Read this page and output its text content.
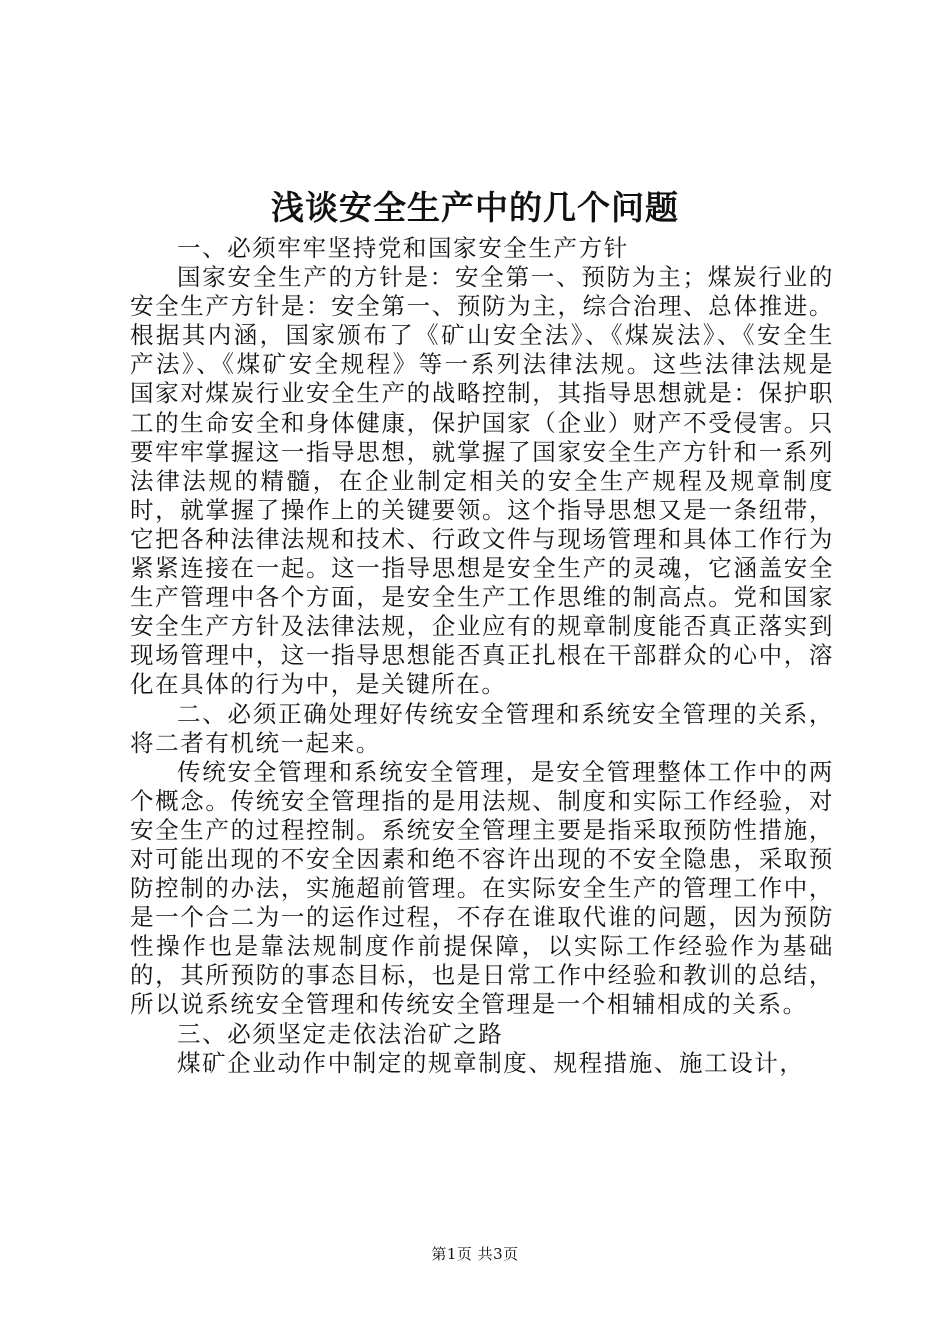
浅谈安全生产中的几个问题

一、必须牢牢坚持党和国家安全生产方针

国家安全生产的方针是：安全第一、预防为主；煤炭行业的安全生产方针是：安全第一、预防为主，综合治理、总体推进。根据其内涵，国家颁布了《矿山安全法》、《煤炭法》、《安全生产法》、《煤矿安全规程》等一系列法律法规。这些法律法规是国家对煤炭行业安全生产的战略控制，其指导思想就是：保护职工的生命安全和身体健康，保护国家（企业）财产不受侵害。只要牢牢掌握这一指导思想，就掌握了国家安全生产方针和一系列法律法规的精髓，在企业制定相关的安全生产规程及规章制度时，就掌握了操作上的关键要领。这个指导思想又是一条纽带，它把各种法律法规和技术、行政文件与现场管理和具体工作行为紧紧连接在一起。这一指导思想是安全生产的灵魂，它涵盖安全生产管理中各个方面，是安全生产工作思维的制高点。党和国家安全生产方针及法律法规，企业应有的规章制度能否真正落实到现场管理中，这一指导思想能否真正扎根在干部群众的心中，溶化在具体的行为中，是关键所在。

二、必须正确处理好传统安全管理和系统安全管理的关系，将二者有机统一起来。

传统安全管理和系统安全管理，是安全管理整体工作中的两个概念。传统安全管理指的是用法规、制度和实际工作经验，对安全生产的过程控制。系统安全管理主要是指采取预防性措施，对可能出现的不安全因素和绝不容许出现的不安全隐患，采取预防控制的办法，实施超前管理。在实际安全生产的管理工作中，是一个合二为一的运作过程，不存在谁取代谁的问题，因为预防性操作也是靠法规制度作前提保障，以实际工作经验作为基础的，其所预防的事态目标，也是日常工作中经验和教训的总结，所以说系统安全管理和传统安全管理是一个相辅相成的关系。

三、必须坚定走依法治矿之路

煤矿企业动作中制定的规章制度、规程措施、施工设计，

第1页 共3页
